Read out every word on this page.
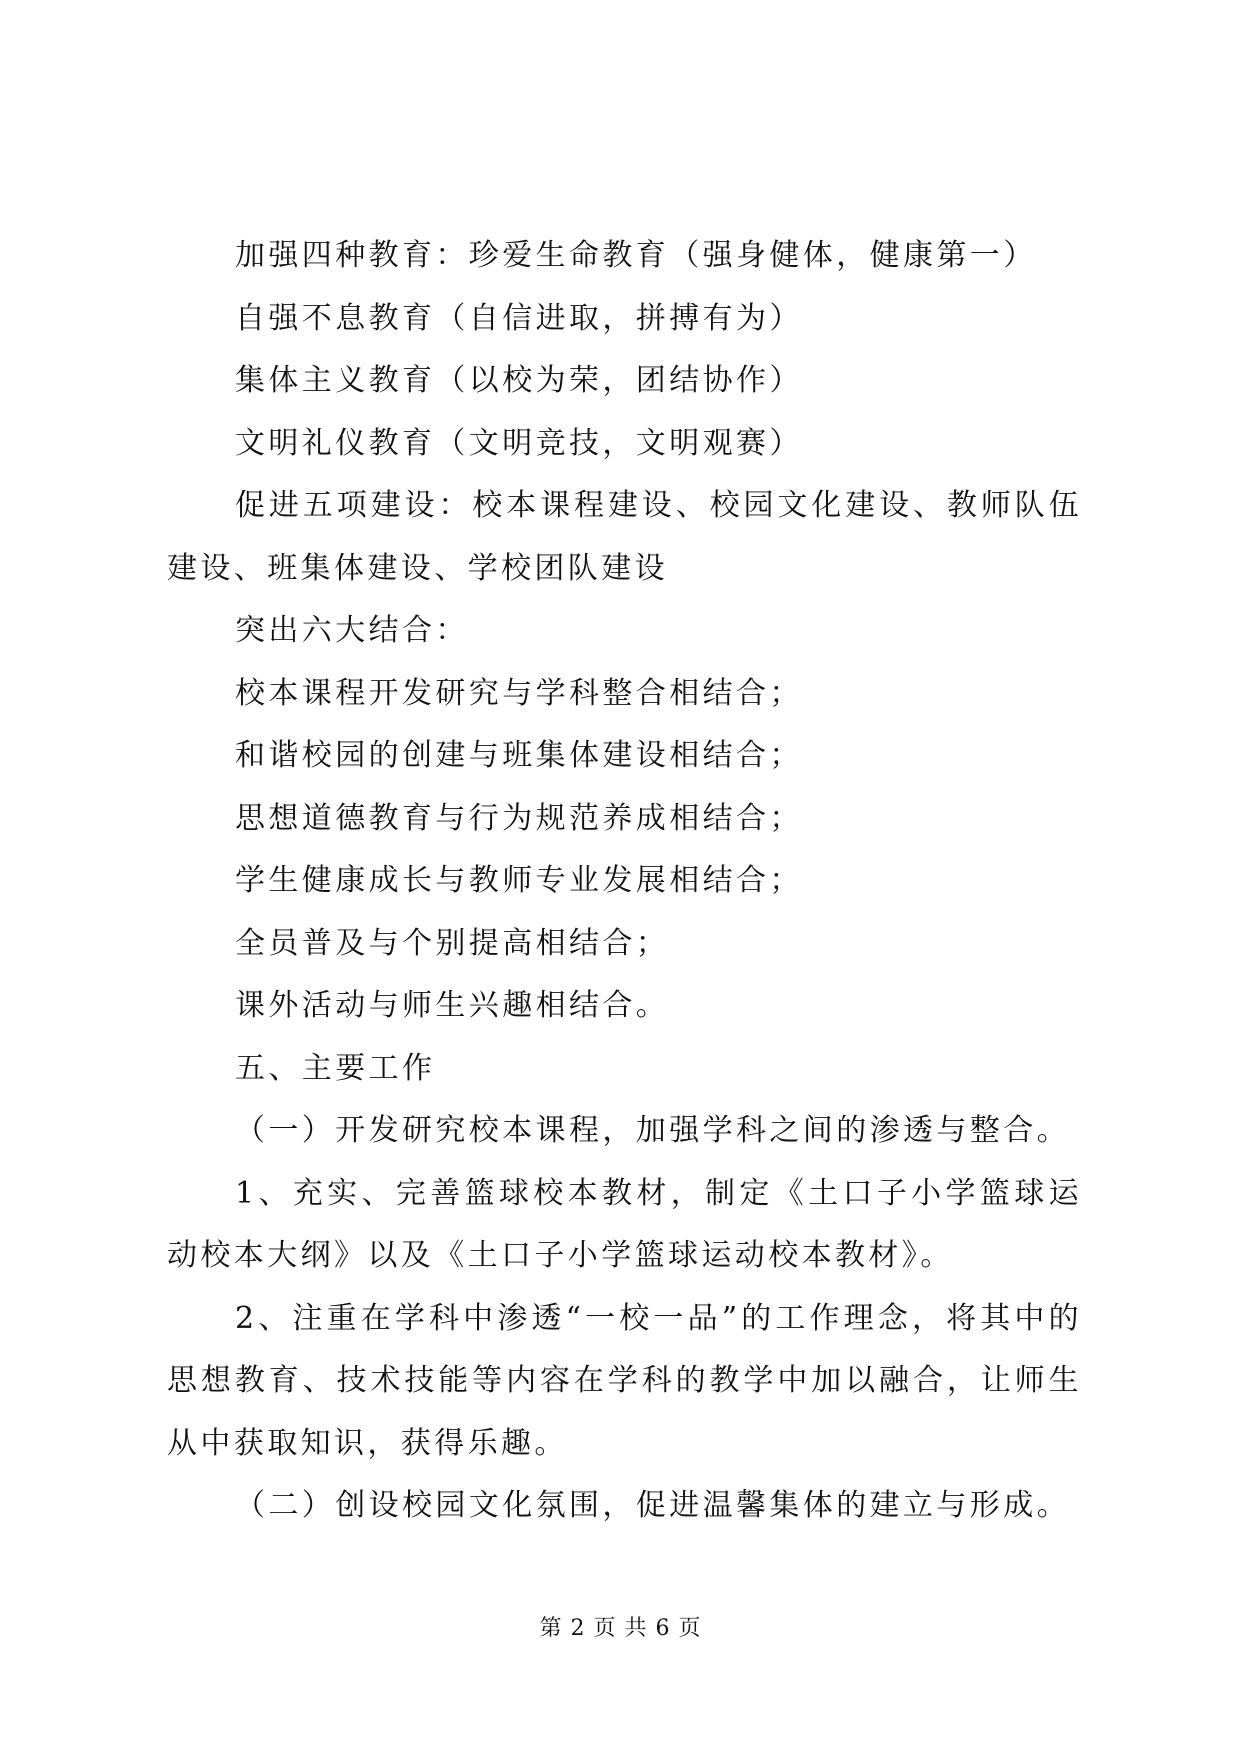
加强四种教育：珍爱生命教育（强身健体，健康第一）

自强不息教育（自信进取，拼搏有为）

集体主义教育（以校为荣，团结协作）

文明礼仪教育（文明竞技，文明观赛）

促进五项建设：校本课程建设、校园文化建设、教师队伍建设、班集体建设、学校团队建设

突出六大结合：

校本课程开发研究与学科整合相结合；

和谐校园的创建与班集体建设相结合；

思想道德教育与行为规范养成相结合；

学生健康成长与教师专业发展相结合；

全员普及与个别提高相结合；

课外活动与师生兴趣相结合。

五、主要工作

（一）开发研究校本课程，加强学科之间的渗透与整合。

1、充实、完善篮球校本教材，制定《土口子小学篮球运动校本大纲》以及《土口子小学篮球运动校本教材》。

2、注重在学科中渗透“一校一品”的工作理念，将其中的思想教育、技术技能等内容在学科的教学中加以融合，让师生从中获取知识，获得乐趣。

（二）创设校园文化氛围，促进温馨集体的建立与形成。

第 2 页 共 6 页
